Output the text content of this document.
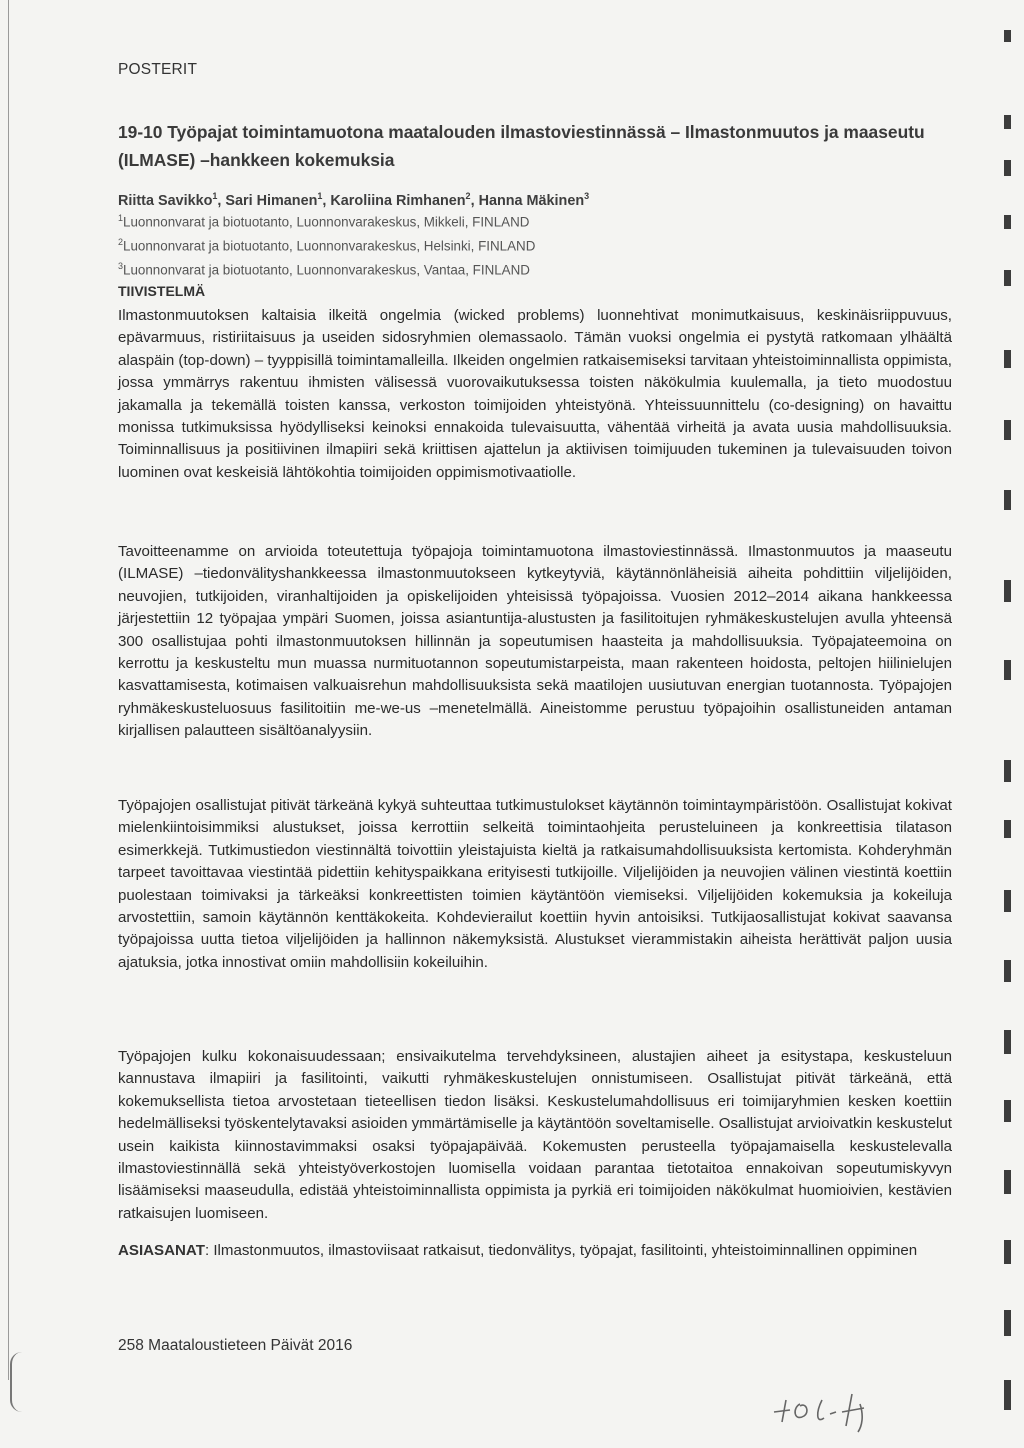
POSTERIT
19-10 Työpajat toimintamuotona maatalouden ilmastoviestinnässä – Ilmastonmuutos ja maaseutu (ILMASE) –hankkeen kokemuksia
Riitta Savikko$^1$, Sari Himanen$^1$, Karoliina Rimhanen$^2$, Hanna Mäkinen$^3$
$^1$Luonnonvarat ja biotuotanto, Luonnonvarakeskus, Mikkeli, FINLAND
$^2$Luonnonvarat ja biotuotanto, Luonnonvarakeskus, Helsinki, FINLAND
$^3$Luonnonvarat ja biotuotanto, Luonnonvarakeskus, Vantaa, FINLAND
TIIVISTELMÄ

Ilmastonmuutoksen kaltaisia ilkeitä ongelmia (wicked problems) luonnehtivat monimutkaisuus, keskinäisriippuvuus, epävarmuus, ristiriitaisuus ja useiden sidosryhmien olemassaolo. Tämän vuoksi ongelmia ei pystytä ratkomaan ylhäältä alaspäin (top-down) – tyyppisillä toimintamalleilla. Ilkeiden ongelmien ratkaisemiseksi tarvitaan yhteistoiminnallista oppimista, jossa ymmärrys rakentuu ihmisten välisessä vuorovaikutuksessa toisten näkökulmia kuulemalla, ja tieto muodostuu jakamalla ja tekemällä toisten kanssa, verkoston toimijoiden yhteistyönä. Yhteissuunnittelu (co-designing) on havaittu monissa tutkimuksissa hyödylliseksi keinoksi ennakoida tulevaisuutta, vähentää virheitä ja avata uusia mahdollisuuksia. Toiminnallisuus ja positiivinen ilmapiiri sekä kriittisen ajattelun ja aktiivisen toimijuuden tukeminen ja tulevaisuuden toivon luominen ovat keskeisiä lähtökohtia toimijoiden oppimismotivaatiolle.

Tavoitteenamme on arvioida toteutettuja työpajoja toimintamuotona ilmastoviestinnässä. Ilmastonmuutos ja maaseutu (ILMASE) –tiedonvälityshankkeessa ilmastonmuutokseen kytkeytyviä, käytännönläheisiä aiheita pohdittiin viljelijöiden, neuvojien, tutkijoiden, viranhaltijoiden ja opiskelijoiden yhteisissä työpajoissa. Vuosien 2012–2014 aikana hankkeessa järjestettiin 12 työpajaa ympäri Suomen, joissa asiantuntija-alustusten ja fasilitoitujen ryhmäkeskustelujen avulla yhteensä 300 osallistujaa pohti ilmastonmuutoksen hillinnän ja sopeutumisen haasteita ja mahdollisuuksia. Työpajateemoina on kerrottu ja keskusteltu mun muassa nurmituotannon sopeutumistarpeista, maan rakenteen hoidosta, peltojen hiilinielujen kasvattamisesta, kotimaisen valkuaisrehun mahdollisuuksista sekä maatilojen uusiutuvan energian tuotannosta. Työpajojen ryhmäkeskusteluosuus fasilitoitiin me-we-us –menetelmällä. Aineistomme perustuu työpajoihin osallistuneiden antaman kirjallisen palautteen sisältöanalyysiin.

Työpajojen osallistujat pitivät tärkeänä kykyä suhteuttaa tutkimustulokset käytännön toimintaympäristöön. Osallistujat kokivat mielenkiintoisimmiksi alustukset, joissa kerrottiin selkeitä toimintaohjeita perusteluineen ja konkreettisia tilatason esimerkkejä. Tutkimustiedon viestinnältä toivottiin yleistajuista kieltä ja ratkaisumahdollisuuksista kertomista. Kohderyhmän tarpeet tavoittavaa viestintää pidettiin kehityspaikkana erityisesti tutkijoille. Viljelijöiden ja neuvojien välinen viestintä koettiin puolestaan toimivaksi ja tärkeäksi konkreettisten toimien käytäntöön viemiseksi. Viljelijöiden kokemuksia ja kokeiluja arvostettiin, samoin käytännön kenttäkokeita. Kohdevierailut koettiin hyvin antoisiksi. Tutkijaosallistujat kokivat saavansa työpajoissa uutta tietoa viljelijöiden ja hallinnon näkemyksistä. Alustukset vierammistakin aiheista herättivät paljon uusia ajatuksia, jotka innostivat omiin mahdollisiin kokeiluihin.

Työpajojen kulku kokonaisuudessaan; ensivaikutelma tervehdyksineen, alustajien aiheet ja esitystapa, keskusteluun kannustava ilmapiiri ja fasilitointi, vaikutti ryhmäkeskustelujen onnistumiseen. Osallistujat pitivät tärkeänä, että kokemuksellista tietoa arvostetaan tieteellisen tiedon lisäksi. Keskustelumahdollisuus eri toimijaryhmien kesken koettiin hedelmälliseksi työskentelytavaksi asioiden ymmärtämiselle ja käytäntöön soveltamiselle. Osallistujat arvioivatkin keskustelut usein kaikista kiinnostavimmaksi osaksi työpajapäivää. Kokemusten perusteella työpajamaisella keskustelevalla ilmastoviestinnällä sekä yhteistyöverkostojen luomisella voidaan parantaa tietotaitoa ennakoivan sopeutumiskyvyn lisäämiseksi maaseudulla, edistää yhteistoiminnallista oppimista ja pyrkiä eri toimijoiden näkökulmat huomioivien, kestävien ratkaisujen luomiseen.

ASIASANAT: Ilmastonmuutos, ilmastoviisaat ratkaisut, tiedonvälitys, työpajat, fasilitointi, yhteistoiminnallinen oppiminen

258 Maataloustieteen Päivät 2016
